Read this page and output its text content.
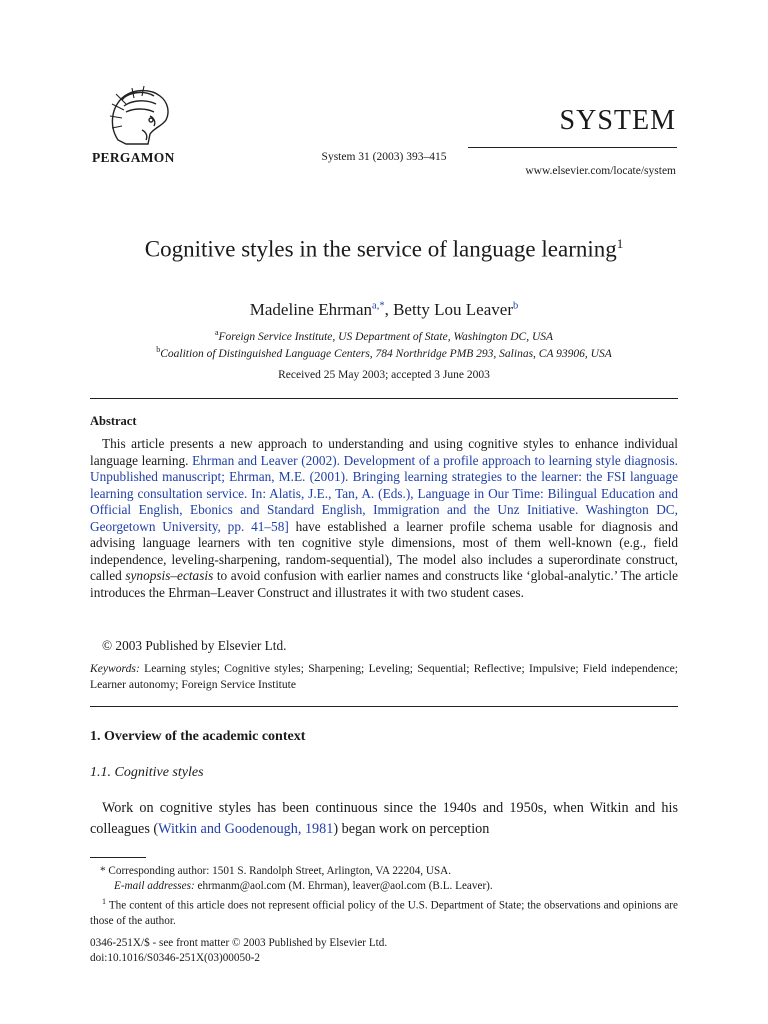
PERGAMON	System 31 (2003) 393–415
SYSTEM
www.elsevier.com/locate/system
Cognitive styles in the service of language learning$^1$
Madeline Ehrman$^{a,*}$, Betty Lou Leaver$^b$
$^a$Foreign Service Institute, US Department of State, Washington DC, USA
$^b$Coalition of Distinguished Language Centers, 784 Northridge PMB 293, Salinas, CA 93906, USA
Received 25 May 2003; accepted 3 June 2003
Abstract
This article presents a new approach to understanding and using cognitive styles to enhance individual language learning. Ehrman and Leaver (2002). Development of a profile approach to learning style diagnosis. Unpublished manuscript; Ehrman, M.E. (2001). Bringing learning strategies to the learner: the FSI language learning consultation service. In: Alatis, J.E., Tan, A. (Eds.), Language in Our Time: Bilingual Education and Official English, Ebonics and Standard English, Immigration and the Unz Initiative. Washington DC, Georgetown University, pp. 41–58] have established a learner profile schema usable for diagnosis and advising language learners with ten cognitive style dimensions, most of them well-known (e.g., field independence, leveling-sharpening, random-sequential), The model also includes a superordinate construct, called synopsis–ectasis to avoid confusion with earlier names and constructs like ‘global-analytic.’ The article introduces the Ehrman–Leaver Construct and illustrates it with two student cases.
© 2003 Published by Elsevier Ltd.
Keywords: Learning styles; Cognitive styles; Sharpening; Leveling; Sequential; Reflective; Impulsive; Field independence; Learner autonomy; Foreign Service Institute
1. Overview of the academic context
1.1. Cognitive styles
Work on cognitive styles has been continuous since the 1940s and 1950s, when Witkin and his colleagues (Witkin and Goodenough, 1981) began work on perception
* Corresponding author: 1501 S. Randolph Street, Arlington, VA 22204, USA.
E-mail addresses: ehrmanm@aol.com (M. Ehrman), leaver@aol.com (B.L. Leaver).
$^1$ The content of this article does not represent official policy of the U.S. Department of State; the observations and opinions are those of the author.
0346-251X/$ - see front matter © 2003 Published by Elsevier Ltd.
doi:10.1016/S0346-251X(03)00050-2
